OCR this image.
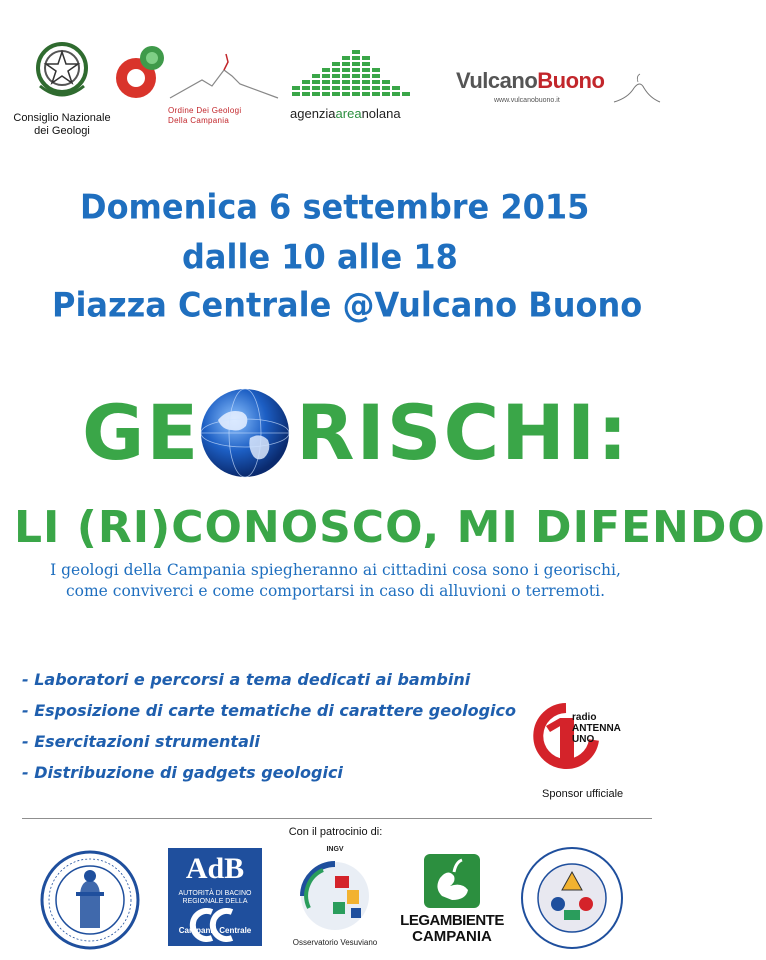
Consiglio Nazionale
dei Geologi
Ordine Dei Geologi
Della Campania	agenziaareanolana
VulcanoBuono
www.vulcanobuono.it
Domenica 6 settembre 2015
dalle 10 alle 18
Piazza Centrale @Vulcano Buono
GE RISCHI:
LI (RI)CONOSCO, MI DIFENDO
I geologi della Campania spiegheranno ai cittadini cosa sono i georischi,
come conviverci e come comportarsi in caso di alluvioni o terremoti.
- Laboratori e percorsi a tema dedicati ai bambini
- Esposizione di carte tematiche di carattere geologico
- Esercitazioni strumentali
- Distribuzione di gadgets geologici
radio
ANTENNA
UNO
Sponsor ufficiale
Con il patrocinio di:
AdB
AUTORITÀ DI BACINO
REGIONALE DELLA
Campania Centrale
INGV
Osservatorio Vesuviano
LEGAMBIENTE
CAMPANIA
